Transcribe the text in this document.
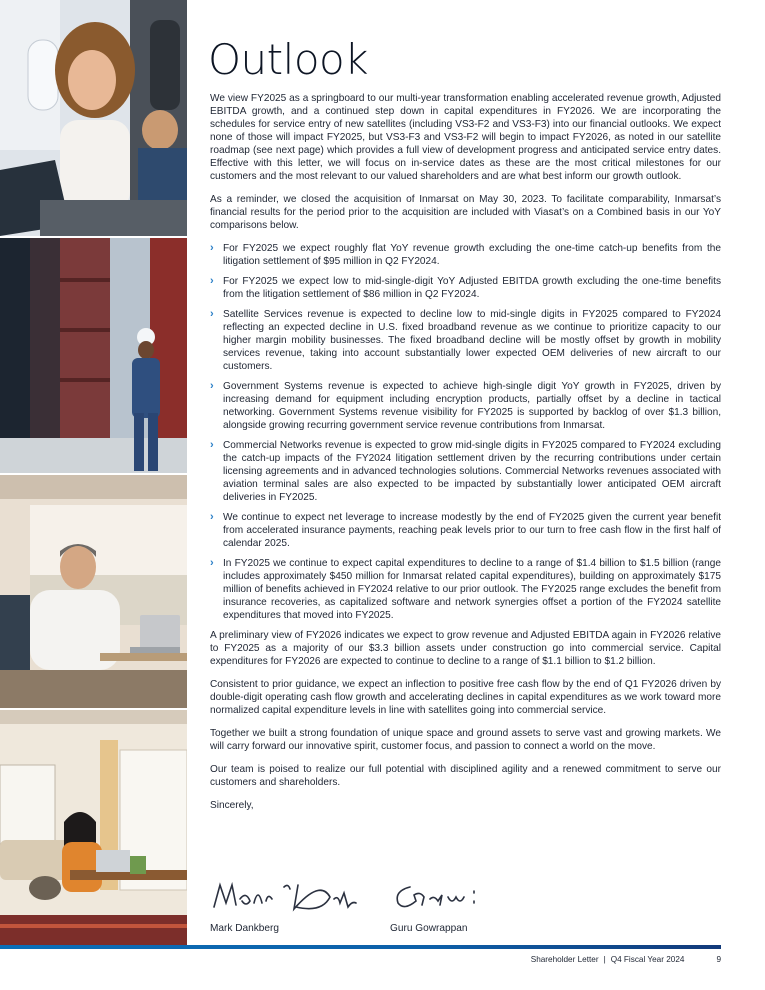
Outlook

We view FY2025 as a springboard to our multi-year transformation enabling accelerated revenue growth, Adjusted EBITDA growth, and a continued step down in capital expenditures in FY2026. We are incorporating the schedules for service entry of new satellites (including VS3-F2 and VS3-F3) into our financial outlooks. We expect none of those will impact FY2025, but VS3-F3 and VS3-F2 will begin to impact FY2026, as noted in our satellite roadmap (see next page) which provides a full view of development progress and anticipated service entry dates. Effective with this letter, we will focus on in-service dates as these are the most critical milestones for our customers and the most relevant to our valued shareholders and are what best inform our growth outlook.

As a reminder, we closed the acquisition of Inmarsat on May 30, 2023. To facilitate comparability, Inmarsat’s financial results for the period prior to the acquisition are included with Viasat’s on a Combined basis in our YoY comparisons below.

› For FY2025 we expect roughly flat YoY revenue growth excluding the one-time catch-up benefits from the litigation settlement of $95 million in Q2 FY2024.
› For FY2025 we expect low to mid-single-digit YoY Adjusted EBITDA growth excluding the one-time benefits from the litigation settlement of $86 million in Q2 FY2024.
› Satellite Services revenue is expected to decline low to mid-single digits in FY2025 compared to FY2024 reflecting an expected decline in U.S. fixed broadband revenue as we continue to prioritize capacity to our higher margin mobility businesses. The fixed broadband decline will be mostly offset by growth in mobility services revenue, taking into account substantially lower expected OEM deliveries of new aircraft to our customers.
› Government Systems revenue is expected to achieve high-single digit YoY growth in FY2025, driven by increasing demand for equipment including encryption products, partially offset by a decline in tactical networking. Government Systems revenue visibility for FY2025 is supported by backlog of over $1.3 billion, alongside growing recurring government service revenue contributions from Inmarsat.
› Commercial Networks revenue is expected to grow mid-single digits in FY2025 compared to FY2024 excluding the catch-up impacts of the FY2024 litigation settlement driven by the recurring contributions under certain licensing agreements and in advanced technologies solutions. Commercial Networks revenues associated with aviation terminal sales are also expected to be impacted by substantially lower anticipated OEM aircraft deliveries in FY2025.
› We continue to expect net leverage to increase modestly by the end of FY2025 given the current year benefit from accelerated insurance payments, reaching peak levels prior to our turn to free cash flow in the first half of calendar 2025.
› In FY2025 we continue to expect capital expenditures to decline to a range of $1.4 billion to $1.5 billion (range includes approximately $450 million for Inmarsat related capital expenditures), building on approximately $175 million of benefits achieved in FY2024 relative to our prior outlook. The FY2025 range excludes the benefit from insurance recoveries, as capitalized software and network synergies offset a portion of the FY2024 satellite expenditures that moved into FY2025.

A preliminary view of FY2026 indicates we expect to grow revenue and Adjusted EBITDA again in FY2026 relative to FY2025 as a majority of our $3.3 billion assets under construction go into commercial service. Capital expenditures for FY2026 are expected to continue to decline to a range of $1.1 billion to $1.2 billion.

Consistent to prior guidance, we expect an inflection to positive free cash flow by the end of Q1 FY2026 driven by double-digit operating cash flow growth and accelerating declines in capital expenditures as we work toward more normalized capital expenditure levels in line with satellites going into commercial service.

Together we built a strong foundation of unique space and ground assets to serve vast and growing markets. We will carry forward our innovative spirit, customer focus, and passion to connect a world on the move.

Our team is poised to realize our full potential with disciplined agility and a renewed commitment to serve our customers and shareholders.

Sincerely,

Mark Dankberg	Guru Gowrappan
Shareholder Letter | Q4 Fiscal Year 2024	9
